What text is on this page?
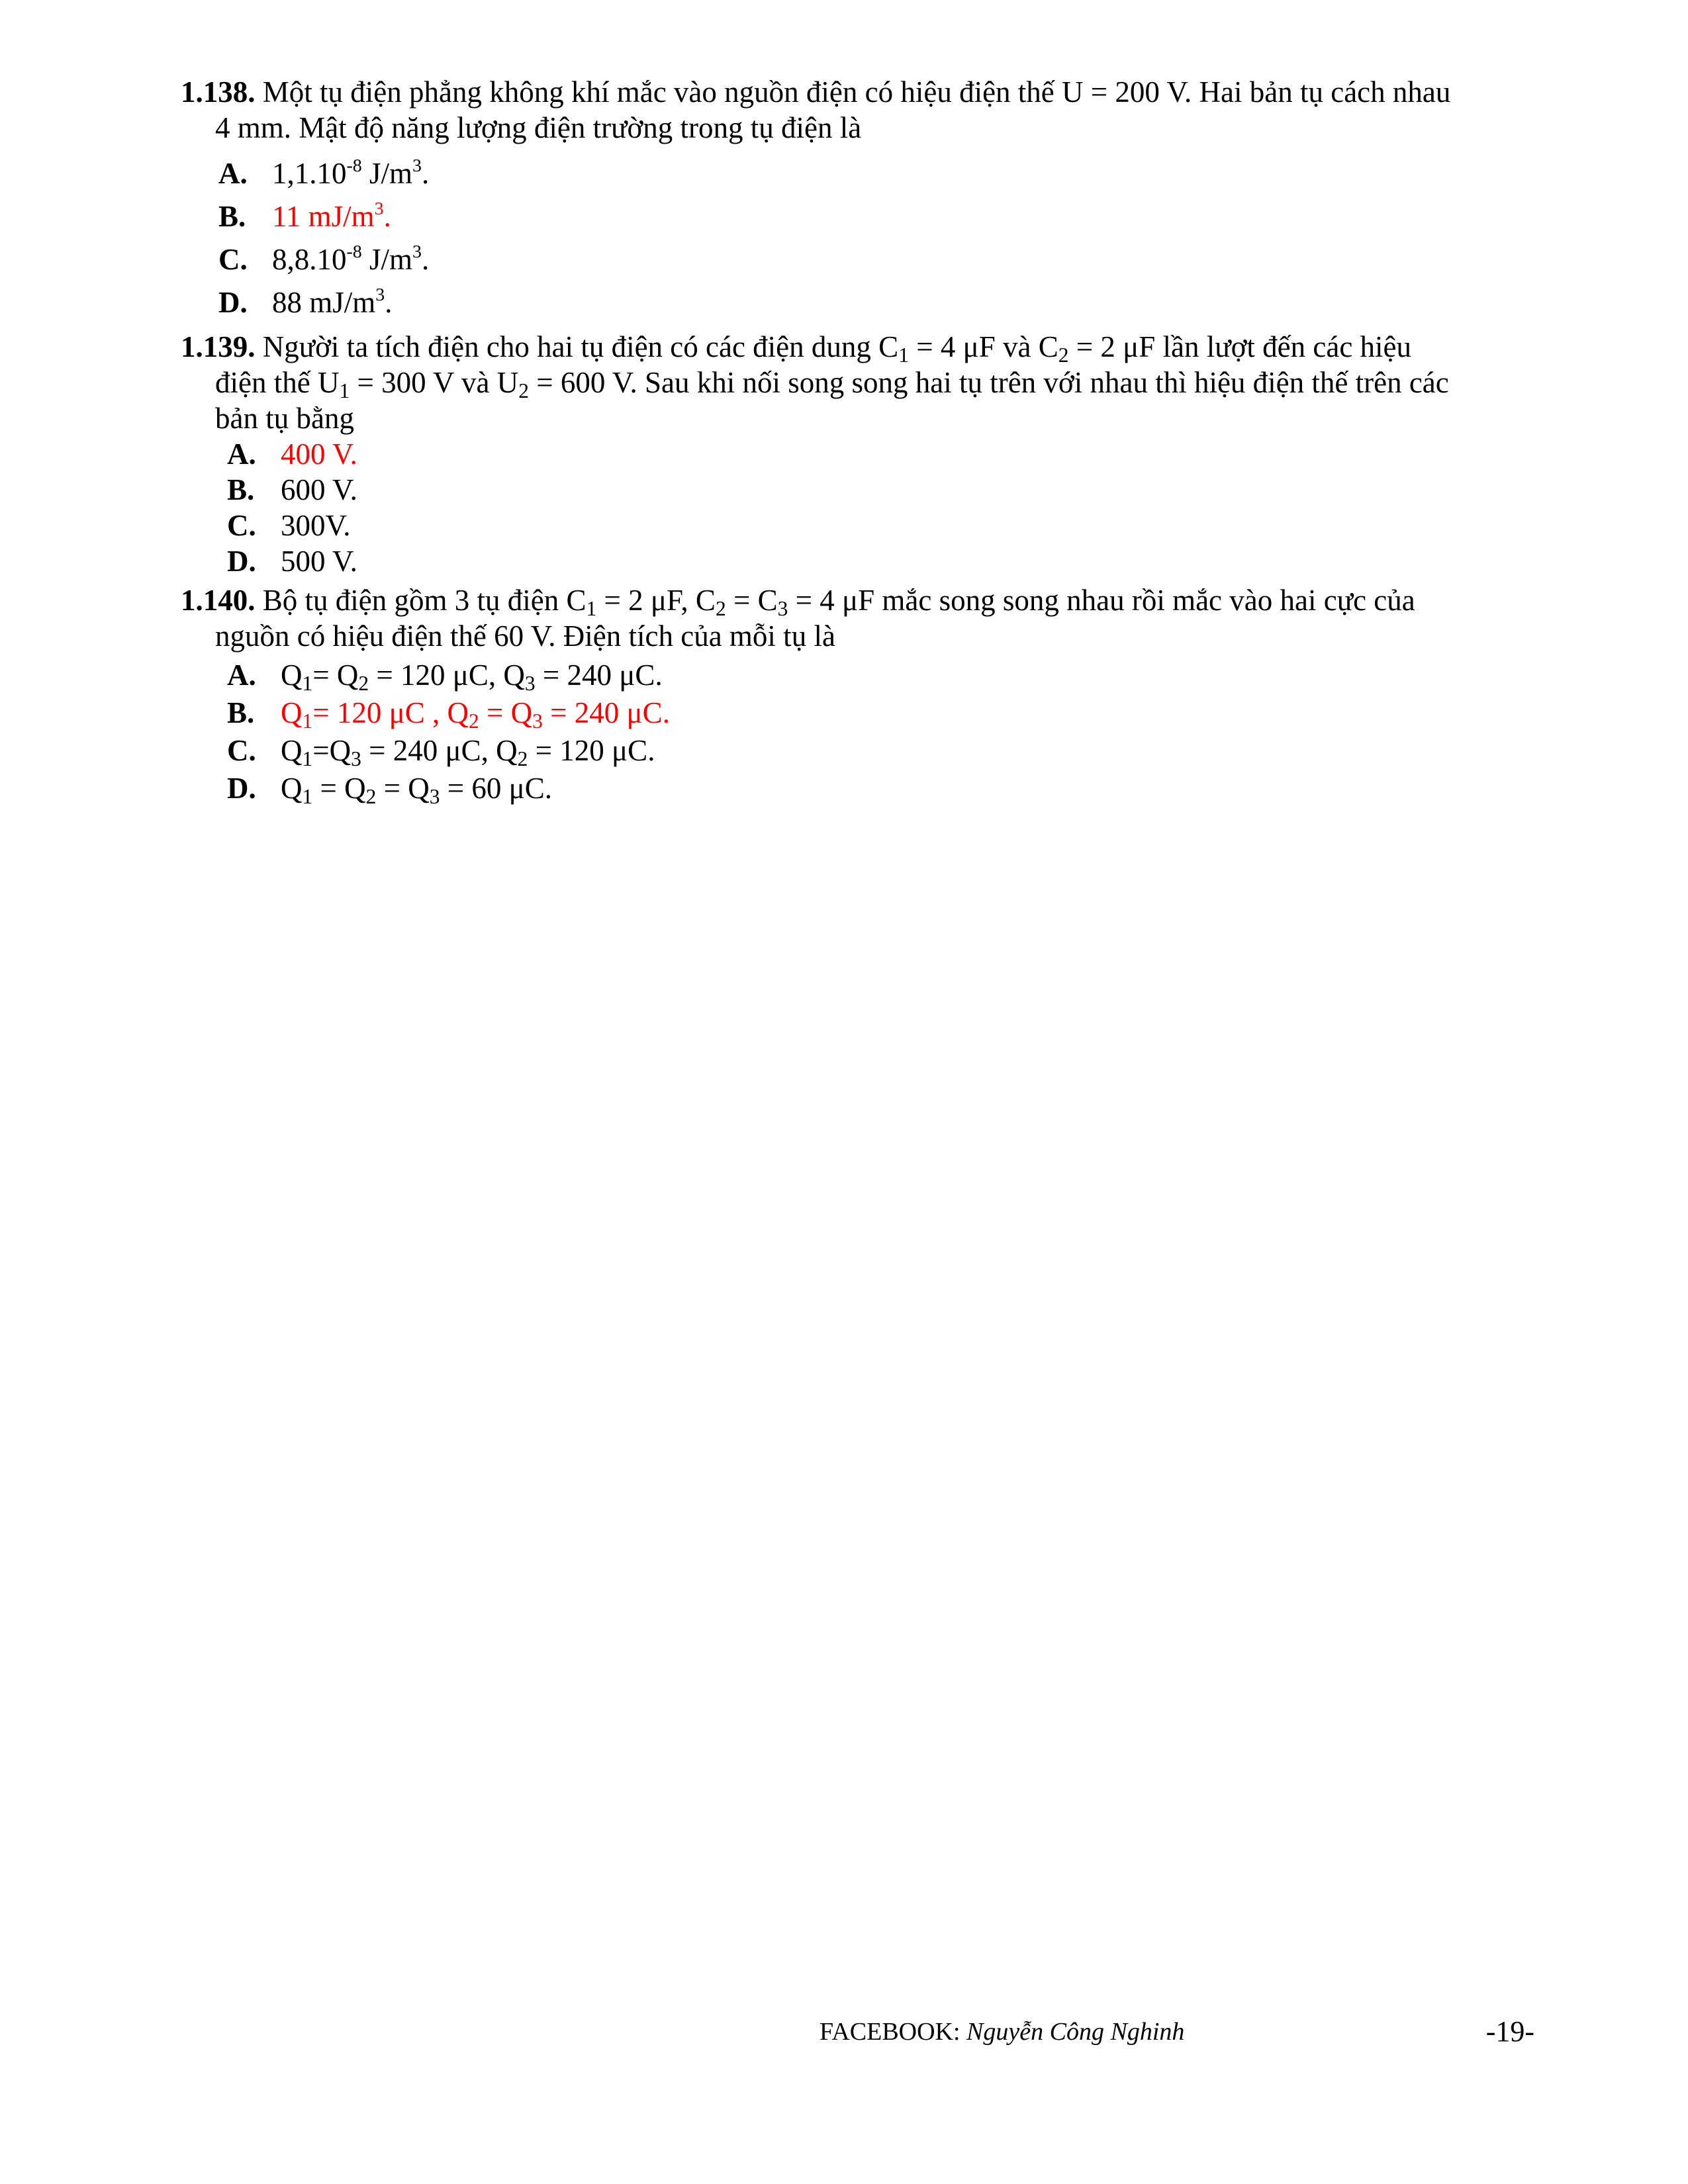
1.138. Một tụ điện phẳng không khí mắc vào nguồn điện có hiệu điện thế U = 200 V. Hai bản tụ cách nhau
4 mm. Mật độ năng lượng điện trường trong tụ điện là
A. $1,1.10^{-8}$ $J/m^3$.
B. 11 $mJ/m^3$.
C. $8,8.10^{-8}$ $J/m^3$.
D. 88 $mJ/m^3$.
1.139. Người ta tích điện cho hai tụ điện có các điện dung $C_1 = 4$ μF và $C_2 = 2$ μF lần lượt đến các hiệu
điện thế $U_1 = 300$ V và $U_2 = 600$ V. Sau khi nối song song hai tụ trên với nhau thì hiệu điện thế trên các
bản tụ bằng
A. 400 V.
B. 600 V.
C. 300V.
D. 500 V.
1.140. Bộ tụ điện gồm 3 tụ điện $C_1 = 2$ μF, $C_2 = C_3 = 4$ μF mắc song song nhau rồi mắc vào hai cực của
nguồn có hiệu điện thế 60 V. Điện tích của mỗi tụ là
A. $Q_1= Q_2 = 120$ μC, $Q_3 = 240$ μC.
B. $Q_1= 120$ μC , $Q_2 = Q_3 = 240$ μC.
C. $Q_1=Q_3 = 240$ μC, $Q_2 = 120$ μC.
D. $Q_1 = Q_2 = Q_3 = 60$ μC.
FACEBOOK: Nguyễn Công Nghinh	-19-
